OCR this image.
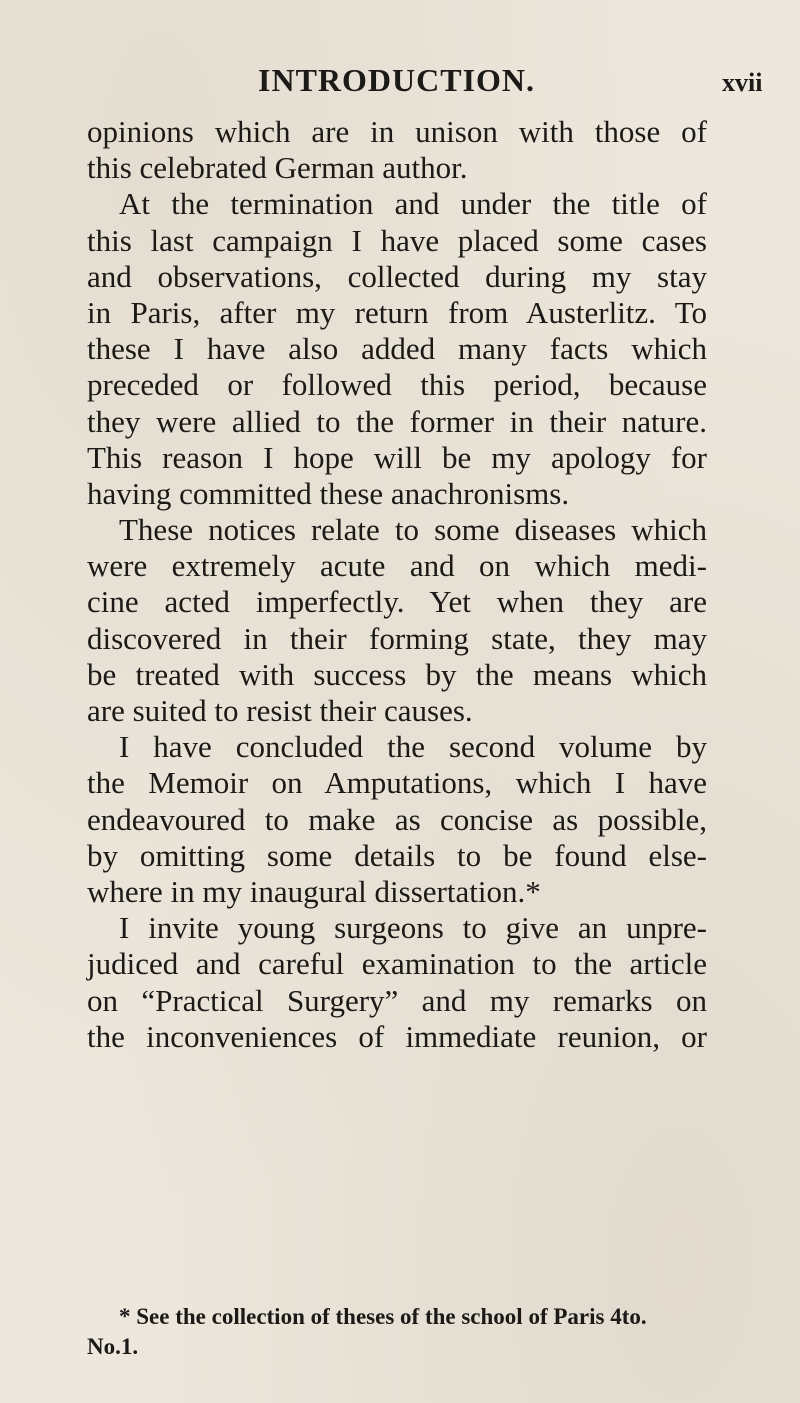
INTRODUCTION.	xvii
opinions which are in unison with those of
this celebrated German author.
At the termination and under the title of
this last campaign I have placed some cases
and observations, collected during my stay
in Paris, after my return from Austerlitz. To
these I have also added many facts which
preceded or followed this period, because
they were allied to the former in their nature.
This reason I hope will be my apology for
having committed these anachronisms.
These notices relate to some diseases which
were extremely acute and on which medi-
cine acted imperfectly. Yet when they are
discovered in their forming state, they may
be treated with success by the means which
are suited to resist their causes.
I have concluded the second volume by
the Memoir on Amputations, which I have
endeavoured to make as concise as possible,
by omitting some details to be found else-
where in my inaugural dissertation.*
I invite young surgeons to give an unpre-
judiced and careful examination to the article
on “Practical Surgery” and my remarks on
the inconveniences of immediate reunion, or
* See the collection of theses of the school of Paris 4to.
No.1.
